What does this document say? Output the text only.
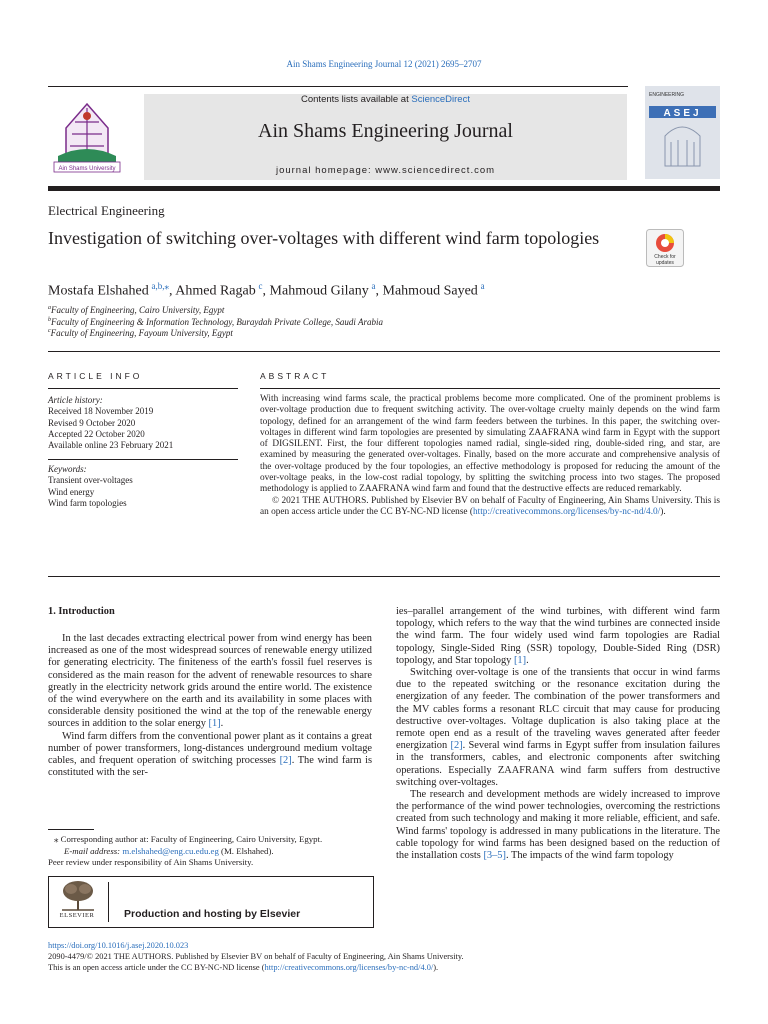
Ain Shams Engineering Journal 12 (2021) 2695–2707
Ain Shams University
Contents lists available at ScienceDirect
Ain Shams Engineering Journal
journal homepage: www.sciencedirect.com
ENGINEERING
ASEJ
Electrical Engineering
Investigation of switching over-voltages with different wind farm topologies
Check for
updates
Mostafa Elshahed  $^{a,b,⁎}$, Ahmed Ragab  $^c$, Mahmoud Gilany  $^a$, Mahmoud Sayed  $^a$
$^a$Faculty of Engineering, Cairo University, Egypt
$^b$Faculty of Engineering & Information Technology, Buraydah Private College, Saudi Arabia
$^c$Faculty of Engineering, Fayoum University, Egypt
ARTICLE INFO
Article history:
Received 18 November 2019
Revised 9 October 2020
Accepted 22 October 2020
Available online 23 February 2021
Keywords:
Transient over-voltages
Wind energy
Wind farm topologies
ABSTRACT
With increasing wind farms scale, the practical problems become more complicated. One of the prominent problems is over-voltage production due to frequent switching activity. The over-voltage cruelty mainly depends on the wind farm topology, defined for an arrangement of the wind farm feeders between the turbines. In this paper, the switching over-voltages in different wind farm topologies are presented by simulating ZAAFRANA wind farm in Egypt with the support of DIGSILENT. First, the four different topologies named radial, single-sided ring, double-sided ring, and star, are examined by measuring the generated over-voltages. Finally, based on the more accurate and comprehensive analysis of the over-voltage produced by the four topologies, an effective methodology is proposed for reducing the amount of the over-voltage peaks, in the low-cost radial topology, by splitting the switching process into two stages. The proposed methodology is applied to ZAAFRANA wind farm and found that the destructive effects are reduced remarkably.
© 2021 THE AUTHORS. Published by Elsevier BV on behalf of Faculty of Engineering, Ain Shams University. This is an open access article under the CC BY-NC-ND license (http://creativecommons.org/licenses/by-nc-nd/4.0/).
1. Introduction

In the last decades extracting electrical power from wind energy has been increased as one of the most widespread sources of renewable energy utilized for generating electricity. The finiteness of the earth's fossil fuel reserves is considered as the main reason for the advent of renewable resources to share greatly in the electricity network grids around the entire world. The existence of the wind everywhere on the earth and its availability in some places with considerable density positioned the wind at the top of the renewable energy sources in addition to the solar energy [1].

Wind farm differs from the conventional power plant as it contains a great number of power transformers, long-distances underground medium voltage cables, and frequent operation of switching processes [2]. The wind farm is constituted with the ser-

ies–parallel arrangement of the wind turbines, with different wind farm topology, which refers to the way that the wind turbines are connected inside the wind farm. The four widely used wind farm topologies are Radial topology, Single-Sided Ring (SSR) topology, Double-Sided Ring (DSR) topology, and Star topology [1].

Switching over-voltage is one of the transients that occur in wind farms due to the repeated switching or the resonance excitation during the energization of any feeder. The combination of the power transformers and the MV cables forms a resonant RLC circuit that may cause for producing destructive over-voltages. Voltage duplication is also taking place at the remote open end as a result of the traveling waves generated after feeder energization [2]. Several wind farms in Egypt suffer from insulation failures in the transformers, cables, and electronic components after switching operations. Especially ZAAFRANA wind farm suffers from destructive switching over-voltages.

The research and development methods are widely increased to improve the performance of the wind power technologies, overcoming the restrictions created from such technology and making it more reliable, efficient, and safe. Wind farms' topology is addressed in many publications in the literature. The cable topology for wind farms has been designed based on the reduction of the installation costs [3–5]. The impacts of the wind farm topology

⁎ Corresponding author at: Faculty of Engineering, Cairo University, Egypt.
E-mail address: m.elshahed@eng.cu.edu.eg (M. Elshahed).
Peer review under responsibility of Ain Shams University.
ELSEVIER	Production and hosting by Elsevier
https://doi.org/10.1016/j.asej.2020.10.023
2090-4479/© 2021 THE AUTHORS. Published by Elsevier BV on behalf of Faculty of Engineering, Ain Shams University.
This is an open access article under the CC BY-NC-ND license (http://creativecommons.org/licenses/by-nc-nd/4.0/).
